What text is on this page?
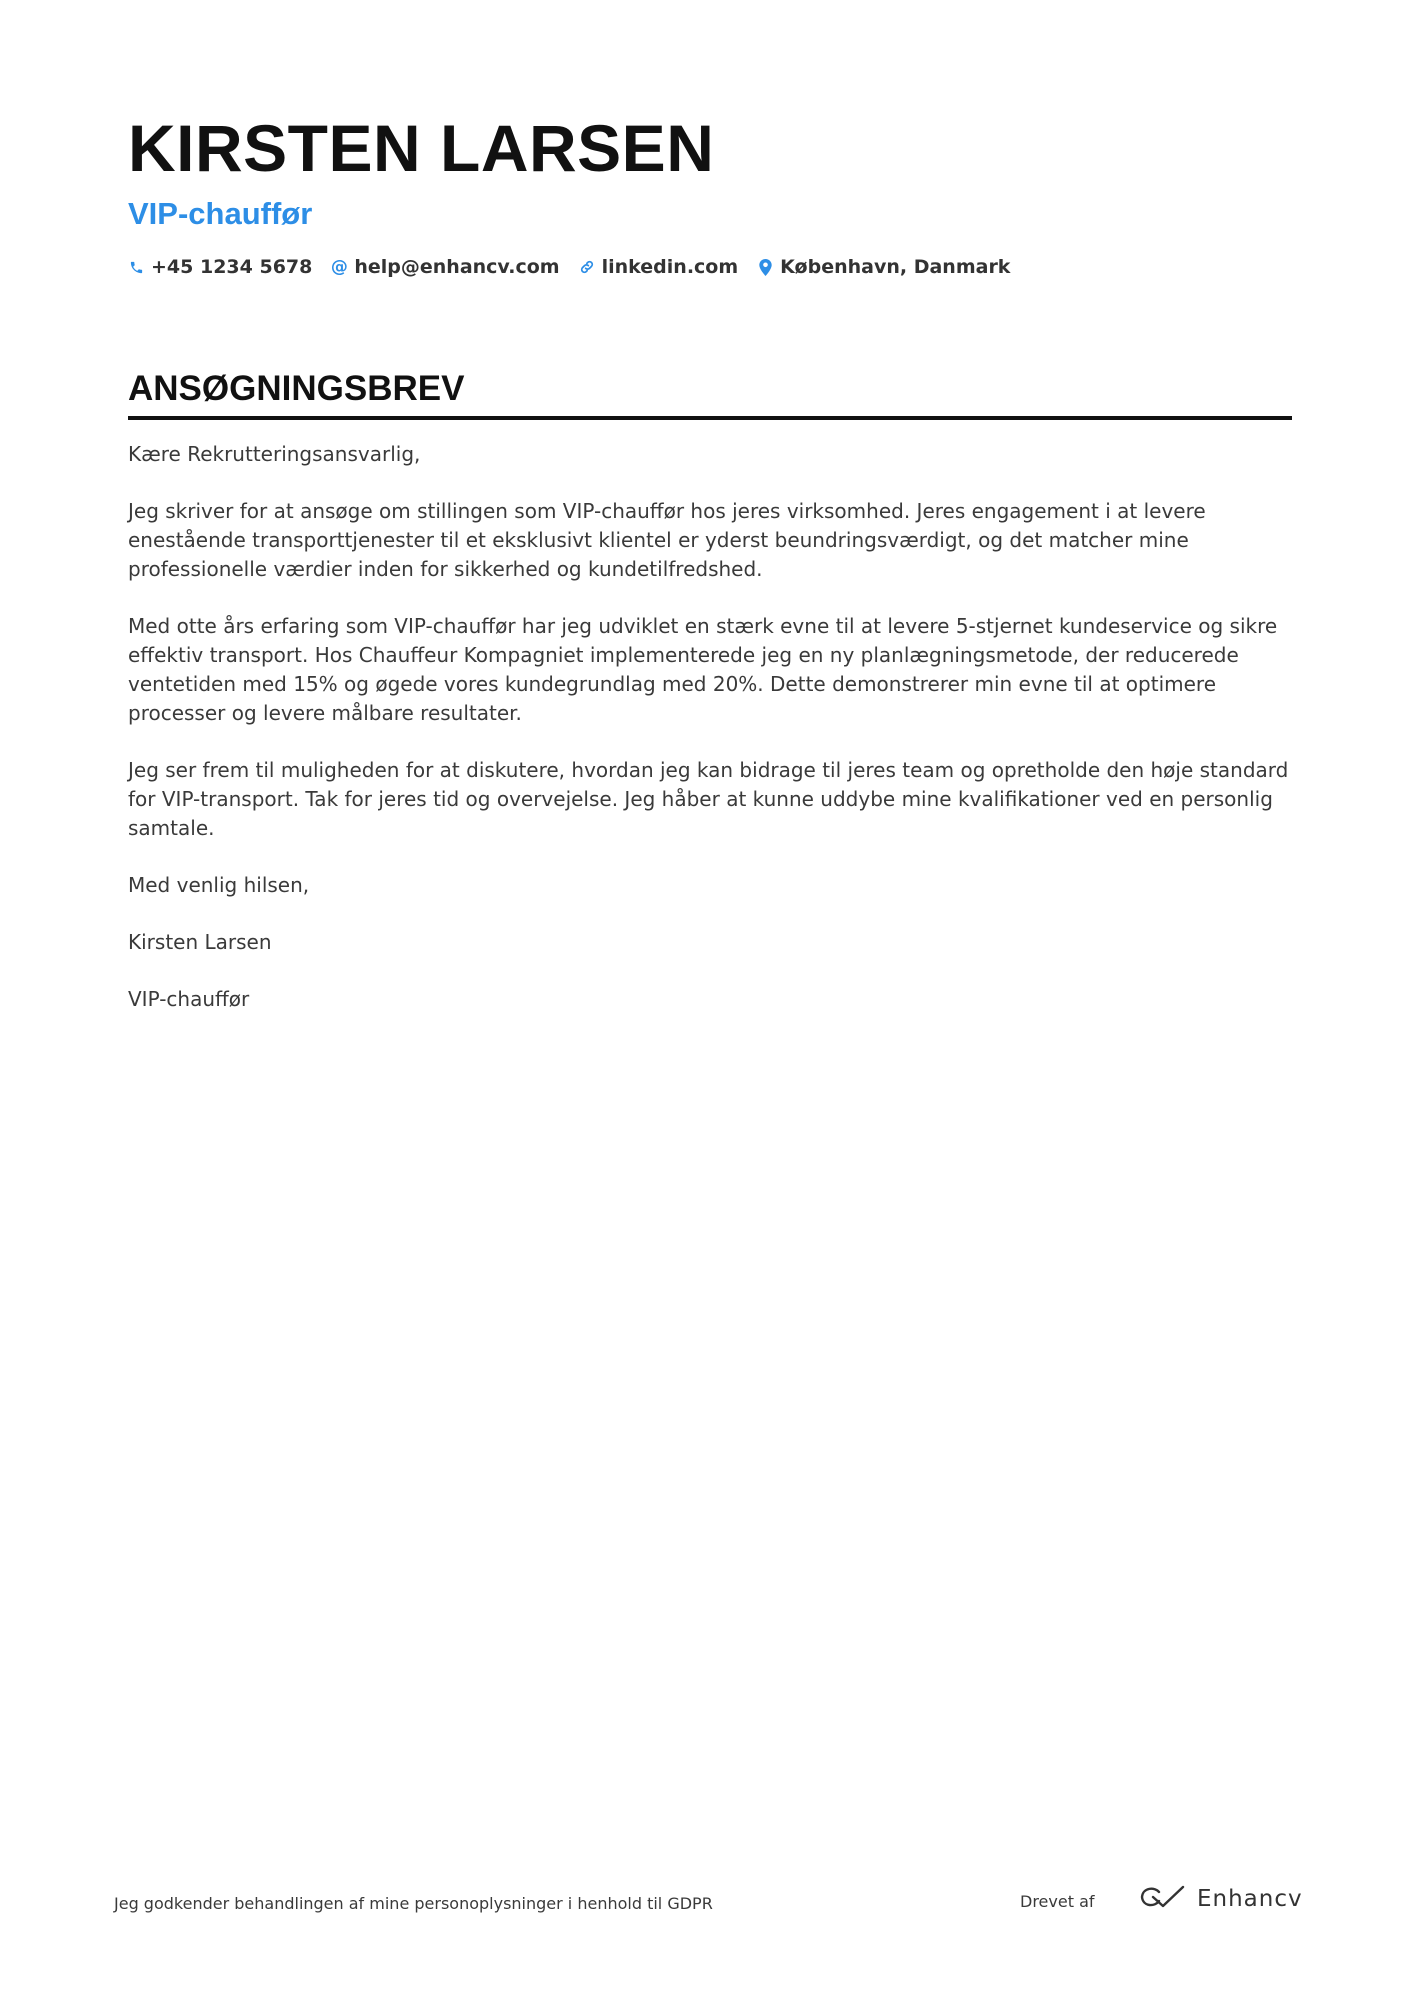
KIRSTEN LARSEN
VIP-chauffør
+45 1234 5678 @ help@enhancv.com linkedin.com København, Danmark
ANSØGNINGSBREV

Kære Rekrutteringsansvarlig,

Jeg skriver for at ansøge om stillingen som VIP-chauffør hos jeres virksomhed. Jeres engagement i at levere enestående transporttjenester til et eksklusivt klientel er yderst beundringsværdigt, og det matcher mine professionelle værdier inden for sikkerhed og kundetilfredshed.

Med otte års erfaring som VIP-chauffør har jeg udviklet en stærk evne til at levere 5-stjernet kundeservice og sikre effektiv transport. Hos Chauffeur Kompagniet implementerede jeg en ny planlægningsmetode, der reducerede ventetiden med 15% og øgede vores kundegrundlag med 20%. Dette demonstrerer min evne til at optimere processer og levere målbare resultater.

Jeg ser frem til muligheden for at diskutere, hvordan jeg kan bidrage til jeres team og opretholde den høje standard for VIP-transport. Tak for jeres tid og overvejelse. Jeg håber at kunne uddybe mine kvalifikationer ved en personlig samtale.

Med venlig hilsen,

Kirsten Larsen

VIP-chauffør

Jeg godkender behandlingen af mine personoplysninger i henhold til GDPR	Drevet af	Enhancv
